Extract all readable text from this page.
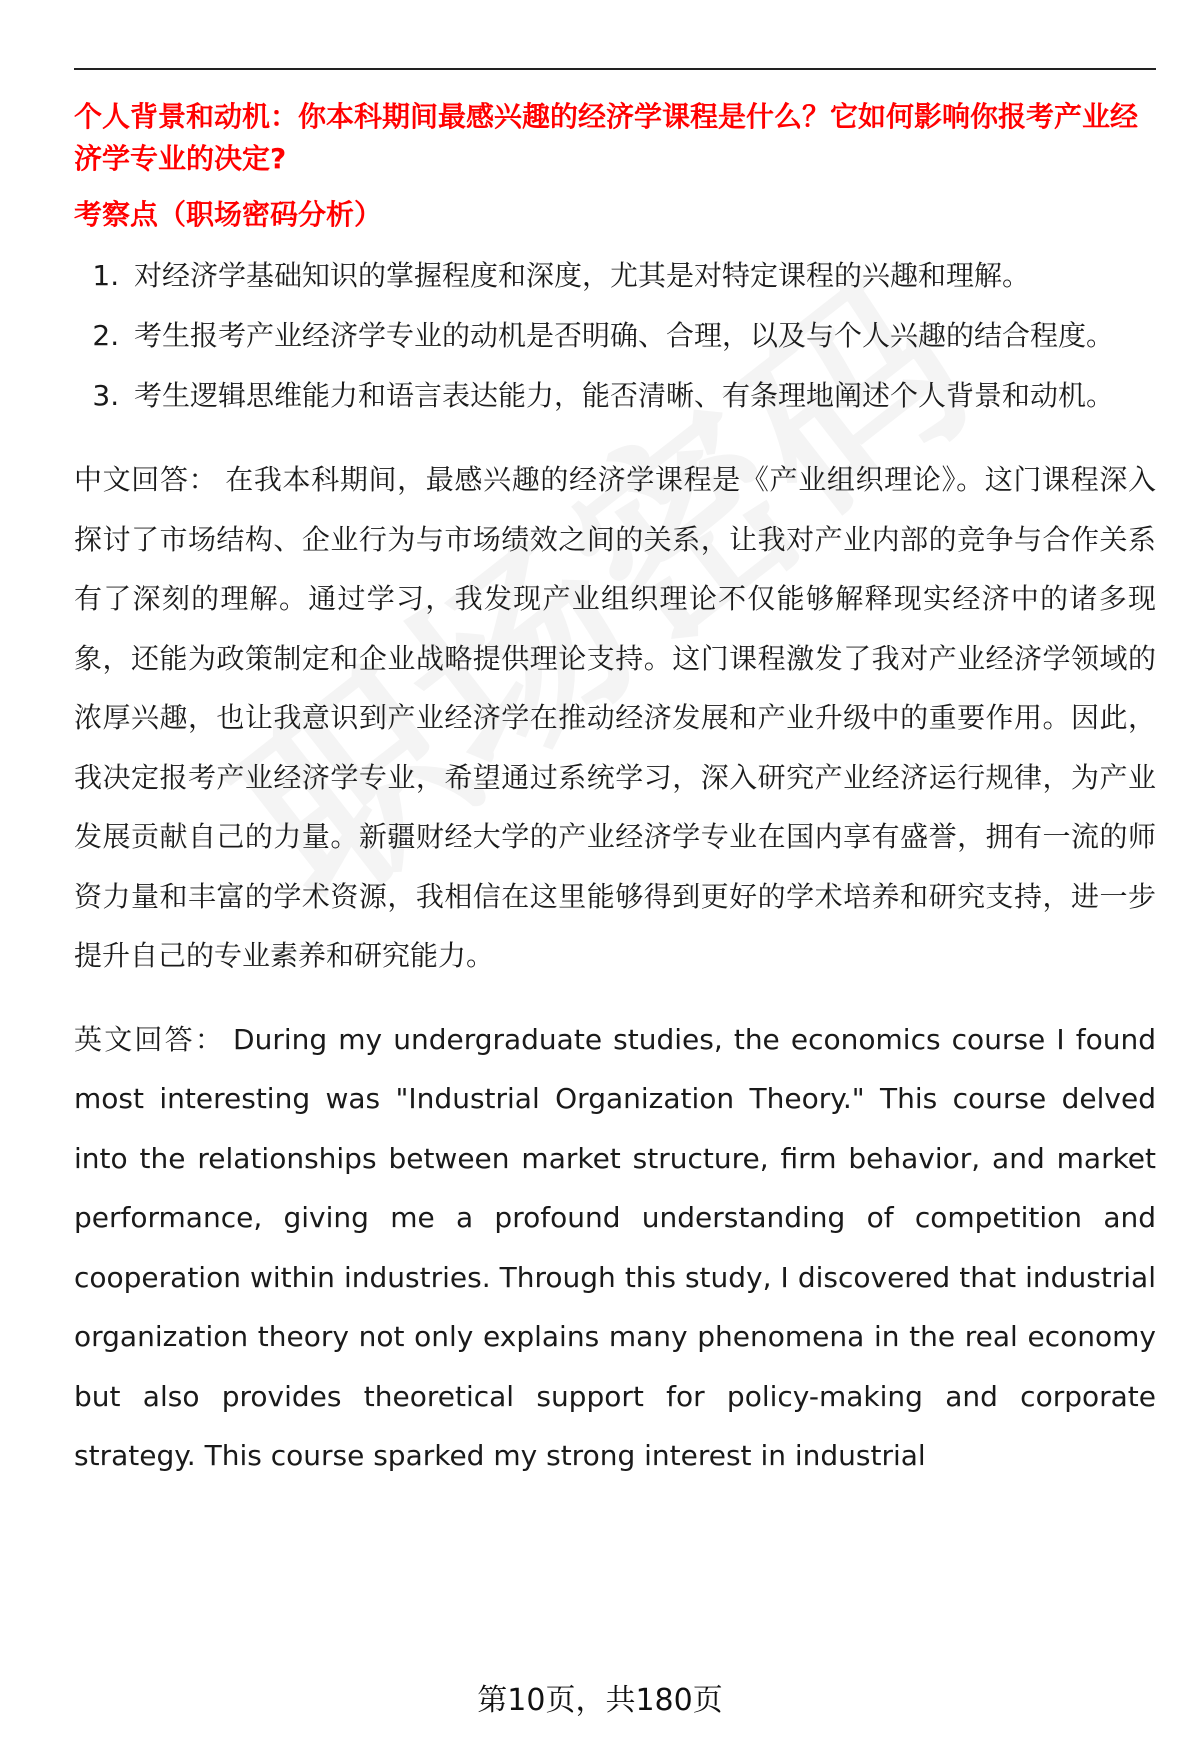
个人背景和动机：你本科期间最感兴趣的经济学课程是什么？它如何影响你报考产业经济学专业的决定?

考察点（职场密码分析）

1. 对经济学基础知识的掌握程度和深度，尤其是对特定课程的兴趣和理解。
2. 考生报考产业经济学专业的动机是否明确、合理，以及与个人兴趣的结合程度。
3. 考生逻辑思维能力和语言表达能力，能否清晰、有条理地阐述个人背景和动机。

中文回答： 在我本科期间，最感兴趣的经济学课程是《产业组织理论》。这门课程深入探讨了市场结构、企业行为与市场绩效之间的关系，让我对产业内部的竞争与合作关系有了深刻的理解。通过学习，我发现产业组织理论不仅能够解释现实经济中的诸多现象，还能为政策制定和企业战略提供理论支持。这门课程激发了我对产业经济学领域的浓厚兴趣，也让我意识到产业经济学在推动经济发展和产业升级中的重要作用。因此，我决定报考产业经济学专业，希望通过系统学习，深入研究产业经济运行规律，为产业发展贡献自己的力量。新疆财经大学的产业经济学专业在国内享有盛誉，拥有一流的师资力量和丰富的学术资源，我相信在这里能够得到更好的学术培养和研究支持，进一步提升自己的专业素养和研究能力。

英文回答： During my undergraduate studies, the economics course I found most interesting was "Industrial Organization Theory." This course delved into the relationships between market structure, firm behavior, and market performance, giving me a profound understanding of competition and cooperation within industries. Through this study, I discovered that industrial organization theory not only explains many phenomena in the real economy but also provides theoretical support for policy-making and corporate strategy. This course sparked my strong interest in industrial

第10页，共180页
